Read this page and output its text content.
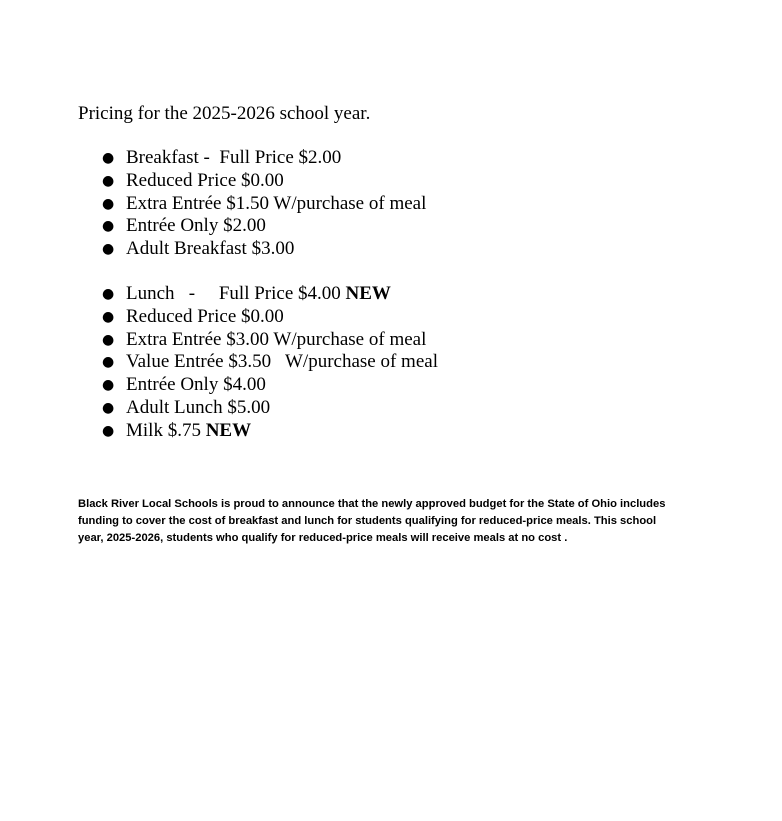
Pricing for the 2025-2026 school year.
● Breakfast -  Full Price $2.00
● Reduced Price $0.00
● Extra Entrée $1.50 W/purchase of meal
● Entrée Only $2.00
● Adult Breakfast $3.00
● Lunch   -     Full Price $4.00 NEW
● Reduced Price $0.00
● Extra Entrée $3.00 W/purchase of meal
● Value Entrée $3.50   W/purchase of meal
● Entrée Only $4.00
● Adult Lunch $5.00
● Milk $.75 NEW
Black River Local Schools is proud to announce that the newly approved budget for the State of Ohio includes
funding to cover the cost of breakfast and lunch for students qualifying for reduced-price meals. This school
year, 2025-2026, students who qualify for reduced-price meals will receive meals at no cost .
